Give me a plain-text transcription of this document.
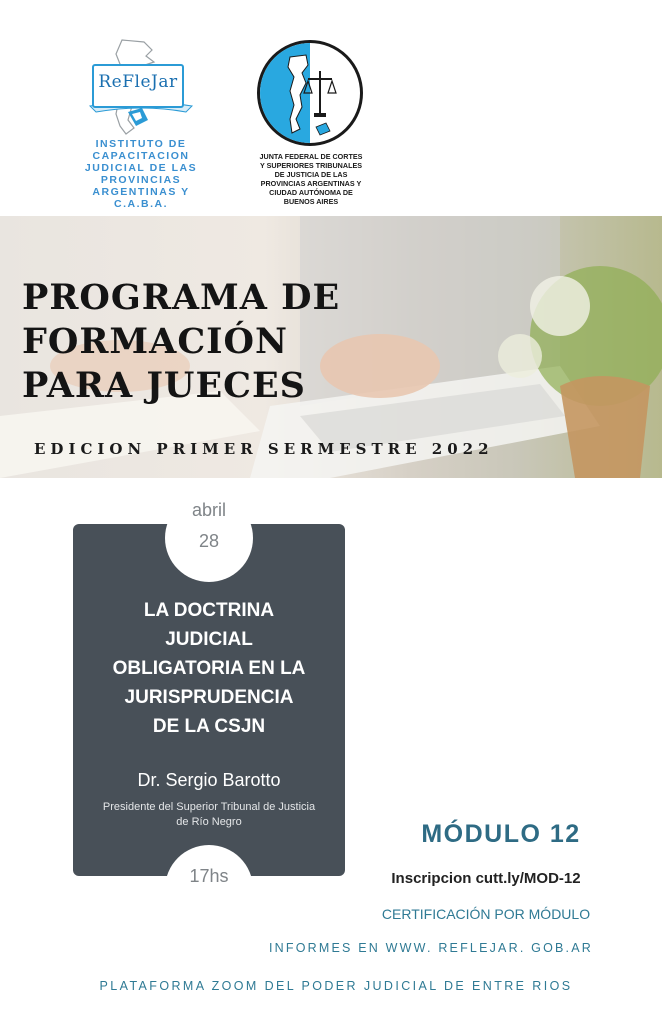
ReFleJar
INSTITUTO DE
CAPACITACION
JUDICIAL DE LAS
PROVINCIAS
ARGENTINAS Y
C.A.B.A.
JUNTA FEDERAL DE CORTES
Y SUPERIORES TRIBUNALES
DE JUSTICIA DE LAS
PROVINCIAS ARGENTINAS Y
CIUDAD AUTÓNOMA DE
BUENOS AIRES
PROGRAMA DE
FORMACIÓN
PARA JUECES
EDICION PRIMER SERMESTRE 2022
abril
28
LA DOCTRINA
JUDICIAL
OBLIGATORIA EN LA
JURISPRUDENCIA
DE LA CSJN
Dr. Sergio Barotto
Presidente del Superior Tribunal de Justicia
de Río Negro
17hs
MÓDULO 12
Inscripcion cutt.ly/MOD-12
CERTIFICACIÓN POR MÓDULO
INFORMES EN WWW. REFLEJAR. GOB.AR
PLATAFORMA ZOOM DEL PODER JUDICIAL DE ENTRE RIOS
